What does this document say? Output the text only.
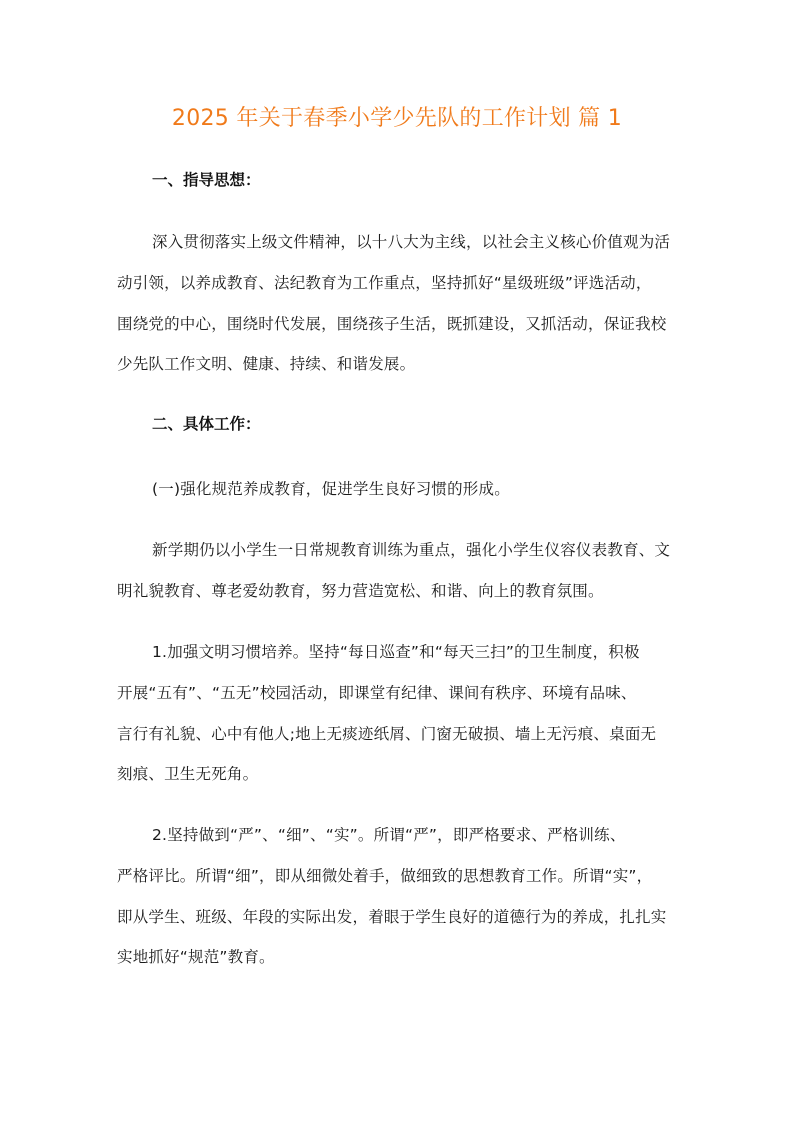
2025 年关于春季小学少先队的工作计划 篇 1
一、指导思想：
深入贯彻落实上级文件精神，以十八大为主线，以社会主义核心价值观为活
动引领，以养成教育、法纪教育为工作重点，坚持抓好“星级班级”评选活动，
围绕党的中心，围绕时代发展，围绕孩子生活，既抓建设，又抓活动，保证我校
少先队工作文明、健康、持续、和谐发展。
二、具体工作：
(一)强化规范养成教育，促进学生良好习惯的形成。
新学期仍以小学生一日常规教育训练为重点，强化小学生仪容仪表教育、文
明礼貌教育、尊老爱幼教育，努力营造宽松、和谐、向上的教育氛围。
1.加强文明习惯培养。坚持“每日巡查”和“每天三扫”的卫生制度，积极
开展“五有”、“五无”校园活动，即课堂有纪律、课间有秩序、环境有品味、
言行有礼貌、心中有他人;地上无痰迹纸屑、门窗无破损、墙上无污痕、桌面无
刻痕、卫生无死角。
2.坚持做到“严”、“细”、“实”。所谓“严”，即严格要求、严格训练、
严格评比。所谓“细”，即从细微处着手，做细致的思想教育工作。所谓“实”，
即从学生、班级、年段的实际出发，着眼于学生良好的道德行为的养成，扎扎实
实地抓好“规范”教育。
